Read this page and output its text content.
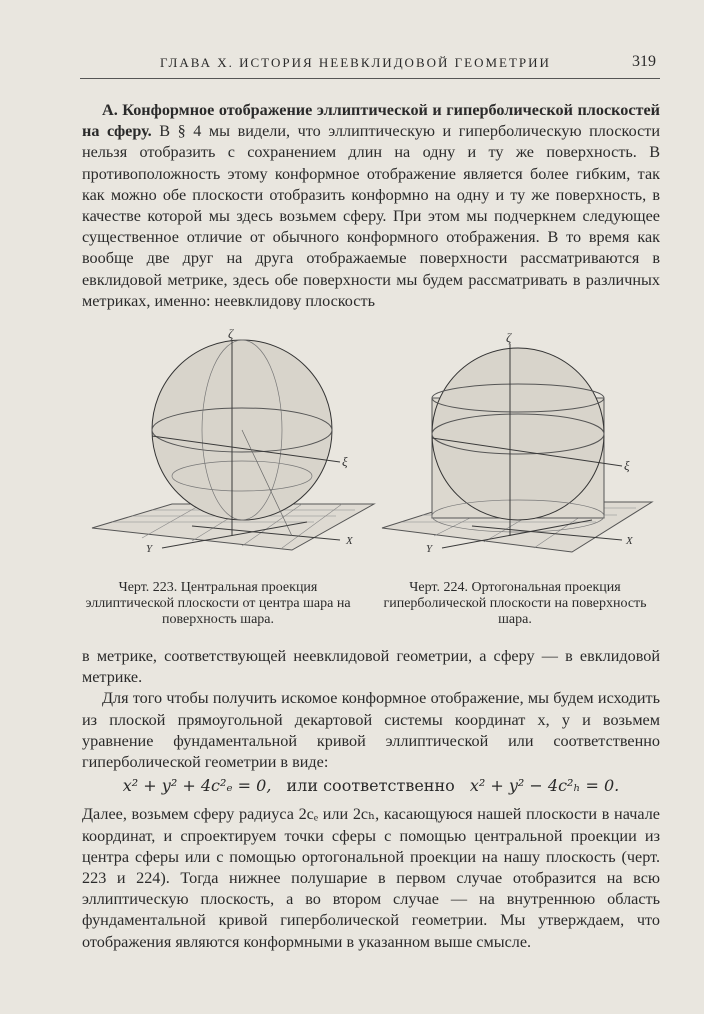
ГЛАВА X. ИСТОРИЯ НЕЕВКЛИДОВОЙ ГЕОМЕТРИИ	319

А. Конформное отображение эллиптической и гиперболической плоскостей на сферу. В § 4 мы видели, что эллиптическую и гиперболическую плоскости нельзя отобразить с сохранением длин на одну и ту же поверхность. В противоположность этому конформное отображение является более гибким, так как можно обе плоскости отобразить конформно на одну и ту же поверхность, в качестве которой мы здесь возьмем сферу. При этом мы подчеркнем следующее существенное отличие от обычного конформного отображения. В то время как вообще две друг на друга отображаемые поверхности рассматриваются в евклидовой метрике, здесь обе поверхности мы будем рассматривать в различных метриках, именно: неевклидову плоскость

ζ
ξ
X
Y
ζ
ξ
X
Y

Черт. 223. Центральная проекция эллиптической плоскости от центра шара на поверхность шара.

Черт. 224. Ортогональная проекция гиперболической плоскости на поверхность шара.

в метрике, соответствующей неевклидовой геометрии, а сферу — в евклидовой метрике.

Для того чтобы получить искомое конформное отображение, мы будем исходить из плоской прямоугольной декартовой системы координат x, y и возьмем уравнение фундаментальной кривой эллиптической или соответственно гиперболической геометрии в виде:

x² + y² + 4c²ₑ = 0, или соответственно x² + y² − 4c²ₕ = 0.

Далее, возьмем сферу радиуса 2cₑ или 2cₕ, касающуюся нашей плоскости в начале координат, и спроектируем точки сферы с помощью центральной проекции из центра сферы или с помощью ортогональной проекции на нашу плоскость (черт. 223 и 224). Тогда нижнее полушарие в первом случае отобразится на всю эллиптическую плоскость, а во втором случае — на внутреннюю область фундаментальной кривой гиперболической геометрии. Мы утверждаем, что отображения являются конформными в указанном выше смысле.
